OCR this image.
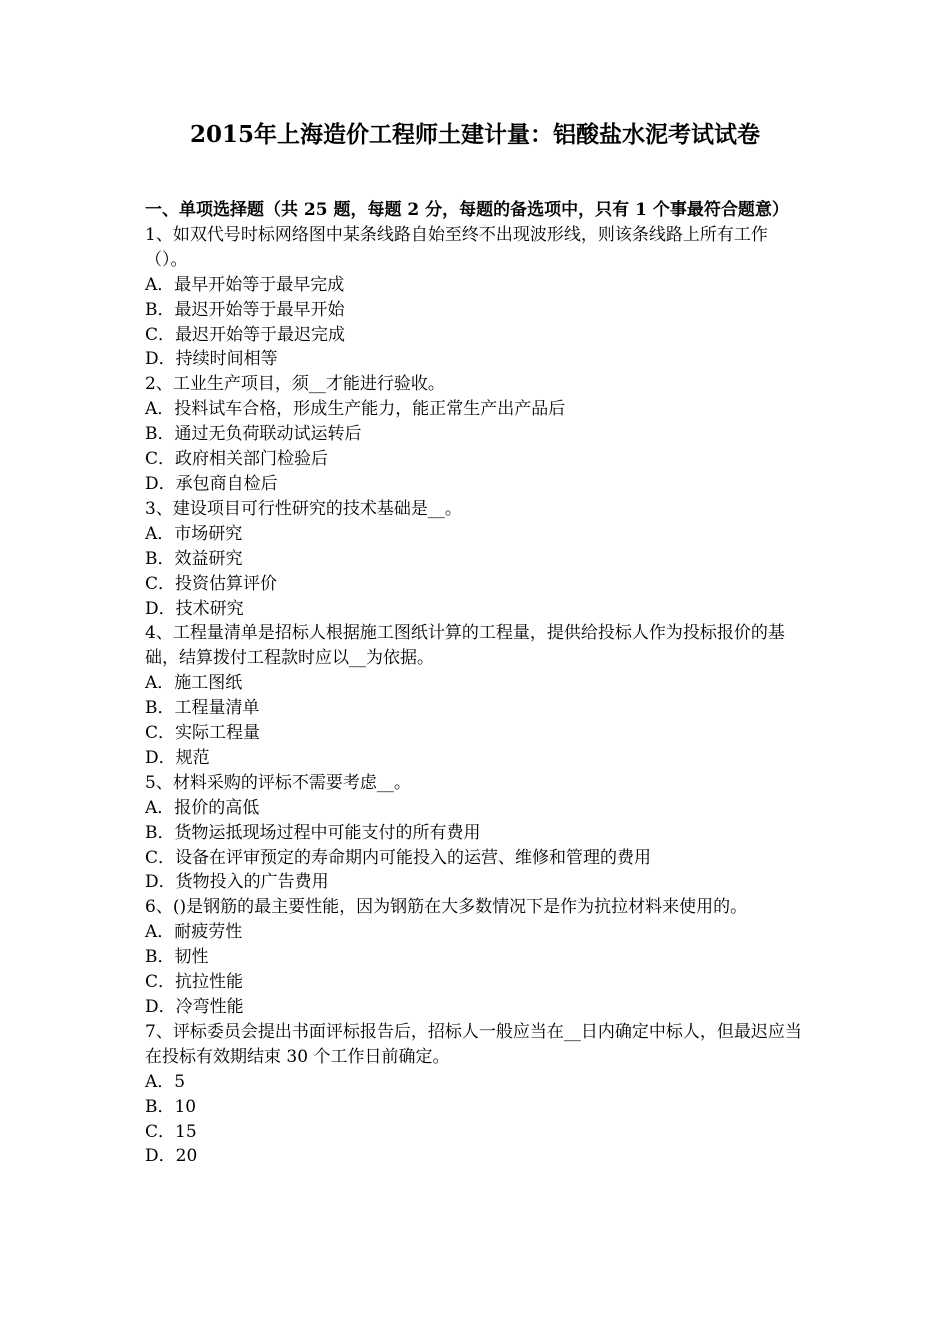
2015年上海造价工程师土建计量：铝酸盐水泥考试试卷
一、单项选择题（共 25 题，每题 2 分，每题的备选项中，只有 1 个事最符合题意）
1、如双代号时标网络图中某条线路自始至终不出现波形线，则该条线路上所有工作（）。
A．最早开始等于最早完成
B．最迟开始等于最早开始
C．最迟开始等于最迟完成
D．持续时间相等
2、工业生产项目，须__才能进行验收。
A．投料试车合格，形成生产能力，能正常生产出产品后
B．通过无负荷联动试运转后
C．政府相关部门检验后
D．承包商自检后
3、建设项目可行性研究的技术基础是__。
A．市场研究
B．效益研究
C．投资估算评价
D．技术研究
4、工程量清单是招标人根据施工图纸计算的工程量，提供给投标人作为投标报价的基础，结算拨付工程款时应以__为依据。
A．施工图纸
B．工程量清单
C．实际工程量
D．规范
5、材料采购的评标不需要考虑__。
A．报价的高低
B．货物运抵现场过程中可能支付的所有费用
C．设备在评审预定的寿命期内可能投入的运营、维修和管理的费用
D．货物投入的广告费用
6、()是钢筋的最主要性能，因为钢筋在大多数情况下是作为抗拉材料来使用的。
A．耐疲劳性
B．韧性
C．抗拉性能
D．冷弯性能
7、评标委员会提出书面评标报告后，招标人一般应当在__日内确定中标人，但最迟应当在投标有效期结束 30 个工作日前确定。
A．5
B．10
C．15
D．20
